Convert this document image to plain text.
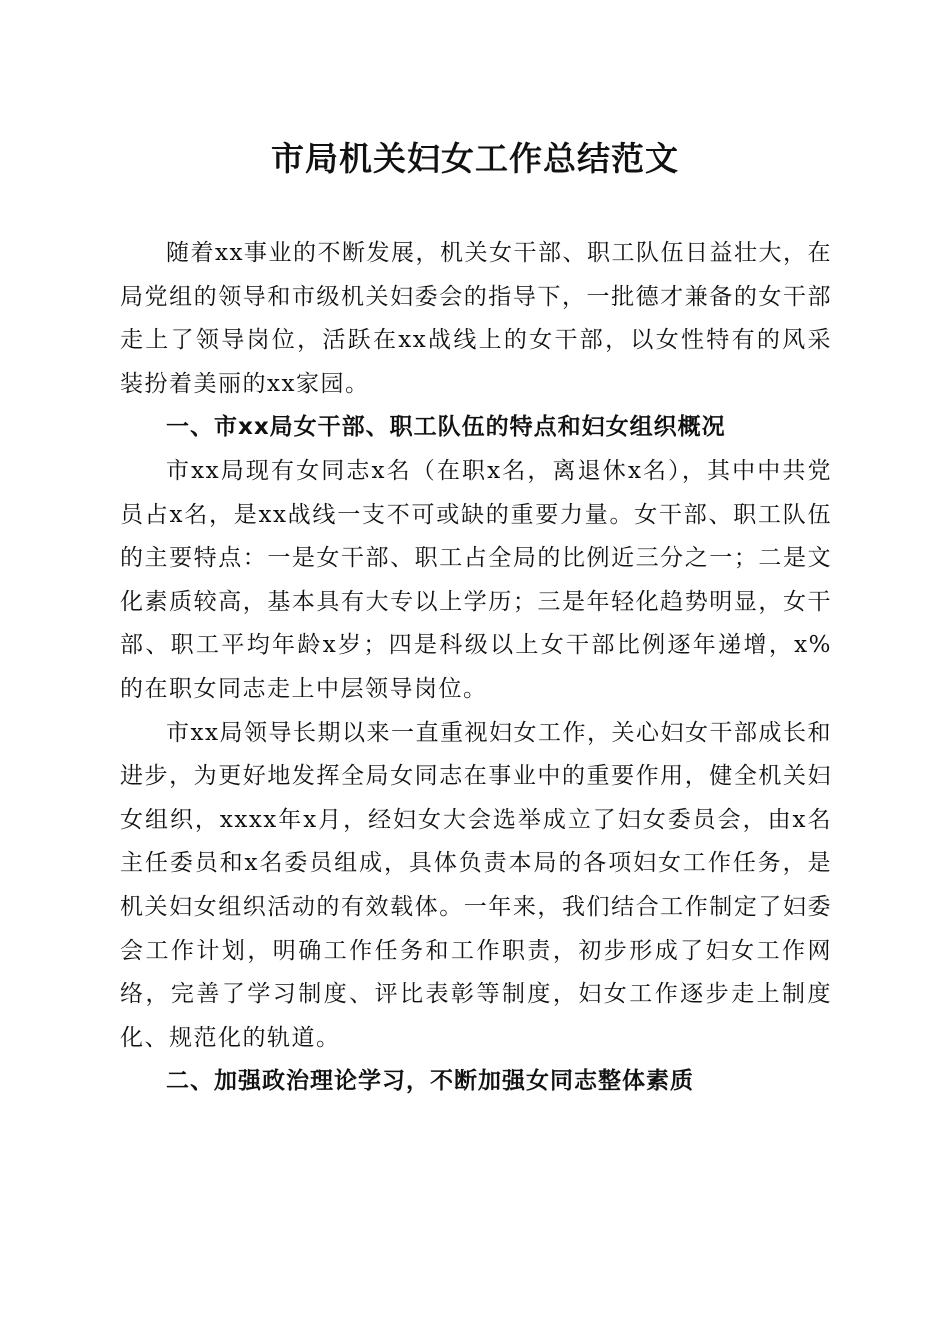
市局机关妇女工作总结范文

随着xx事业的不断发展，机关女干部、职工队伍日益壮大，在局党组的领导和市级机关妇委会的指导下，一批德才兼备的女干部走上了领导岗位，活跃在xx战线上的女干部，以女性特有的风采装扮着美丽的xx家园。

一、市xx局女干部、职工队伍的特点和妇女组织概况

市xx局现有女同志x名（在职x名，离退休x名），其中中共党员占x名，是xx战线一支不可或缺的重要力量。女干部、职工队伍的主要特点：一是女干部、职工占全局的比例近三分之一；二是文化素质较高，基本具有大专以上学历；三是年轻化趋势明显，女干部、职工平均年龄x岁；四是科级以上女干部比例逐年递增，x%的在职女同志走上中层领导岗位。

市xx局领导长期以来一直重视妇女工作，关心妇女干部成长和进步，为更好地发挥全局女同志在事业中的重要作用，健全机关妇女组织，xxxx年x月，经妇女大会选举成立了妇女委员会，由x名主任委员和x名委员组成，具体负责本局的各项妇女工作任务，是机关妇女组织活动的有效载体。一年来，我们结合工作制定了妇委会工作计划，明确工作任务和工作职责，初步形成了妇女工作网络，完善了学习制度、评比表彰等制度，妇女工作逐步走上制度化、规范化的轨道。

二、加强政治理论学习，不断加强女同志整体素质
